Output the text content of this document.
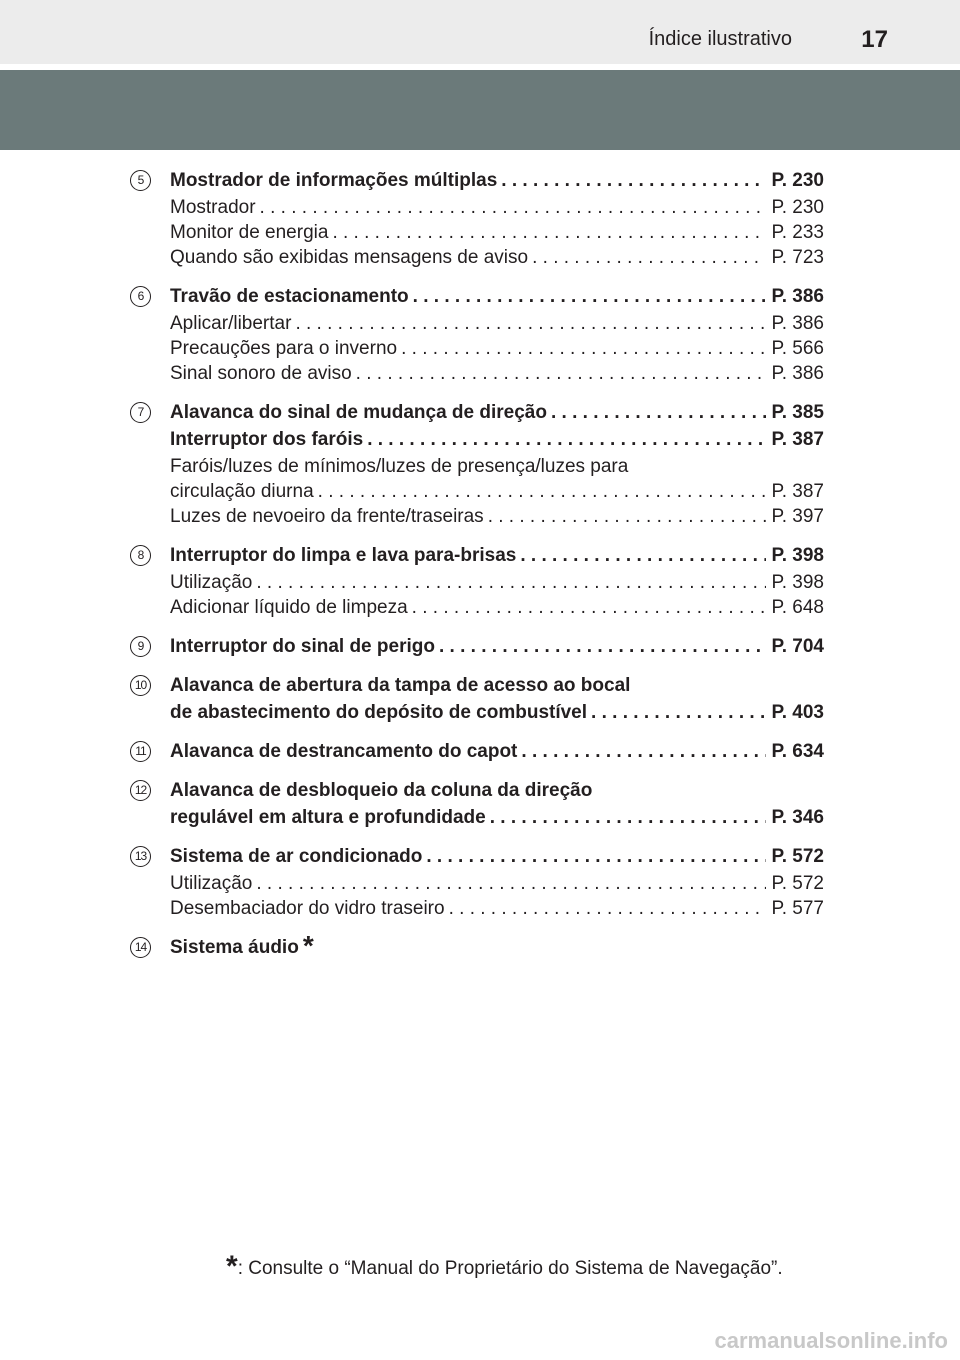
Índice ilustrativo	17
5	Mostrador de informações múltiplas . . .	P. 230
Mostrador . . .	P. 230
Monitor de energia . . .	P. 233
Quando são exibidas mensagens de aviso . . .	P. 723
6	Travão de estacionamento . . .	P. 386
Aplicar/libertar . . .	P. 386
Precauções para o inverno . . .	P. 566
Sinal sonoro de aviso . . .	P. 386
7	Alavanca do sinal de mudança de direção . . .	P. 385
Interruptor dos faróis . . .	P. 387
Faróis/luzes de mínimos/luzes de presença/luzes para
circulação diurna . . .	P. 387
Luzes de nevoeiro da frente/traseiras . . .	P. 397
8	Interruptor do limpa e lava para-brisas . . .	P. 398
Utilização . . .	P. 398
Adicionar líquido de limpeza . . .	P. 648
9	Interruptor do sinal de perigo . . .	P. 704
10 Alavanca de abertura da tampa de acesso ao bocal
de abastecimento do depósito de combustível . . .	P. 403
11 Alavanca de destrancamento do capot . . .	P. 634
12 Alavanca de desbloqueio da coluna da direção
regulável em altura e profundidade . . .	P. 346
13 Sistema de ar condicionado . . .	P. 572
Utilização . . .	P. 572
Desembaciador do vidro traseiro . . .	P. 577
14 Sistema áudio*
*: Consulte o “Manual do Proprietário do Sistema de Navegação”.
carmanualsonline.info
